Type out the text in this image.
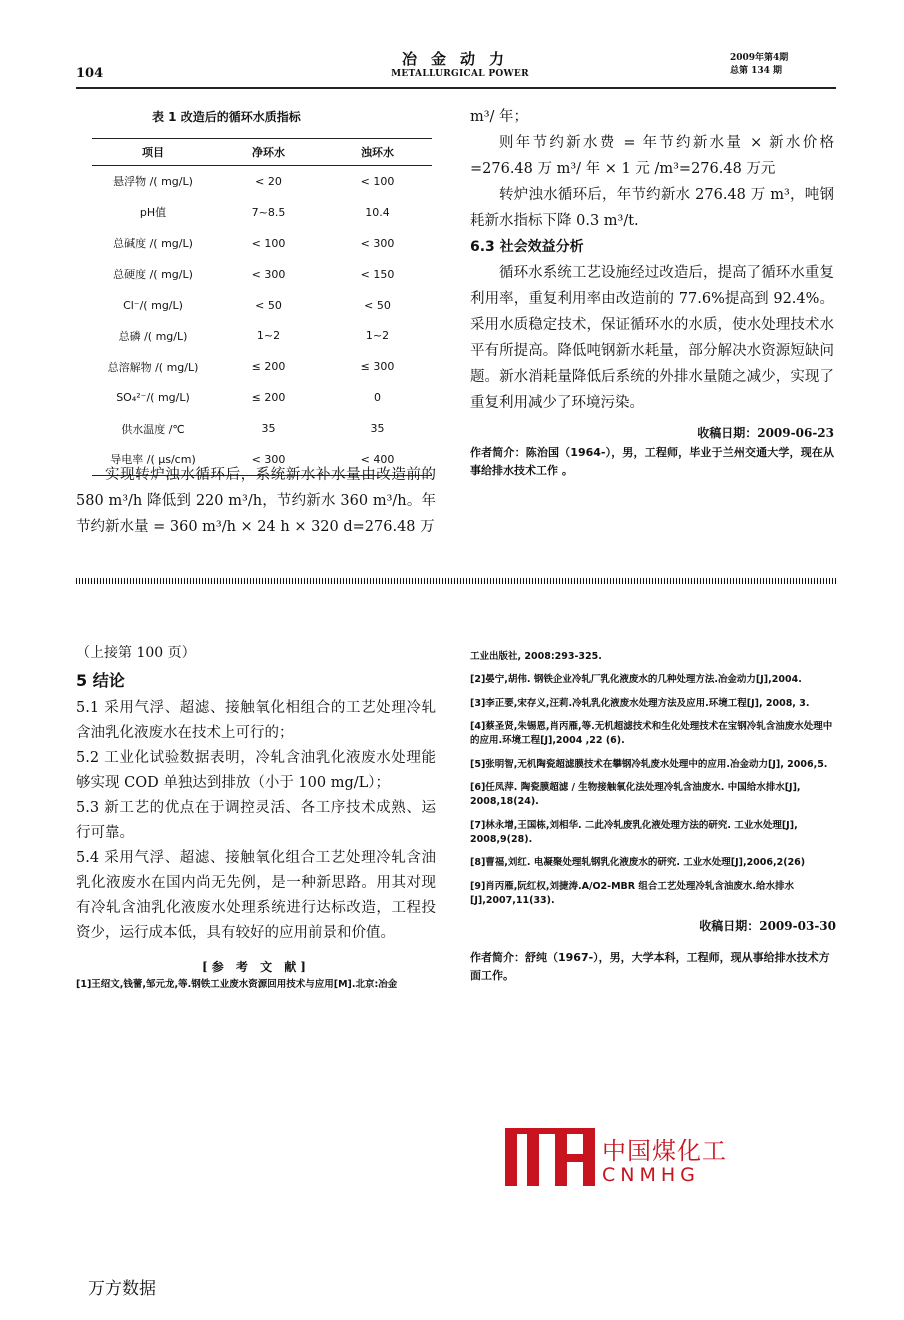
104
冶金动力
METALLURGICAL POWER
2009年第4期
总第 134 期
表 1 改造后的循环水质指标
项目	净环水	浊环水
悬浮物 /( mg/L)	< 20	< 100
pH值	7~8.5	10.4
总碱度 /( mg/L)	< 100	< 300
总硬度 /( mg/L)	< 300	< 150
Cl⁻/( mg/L)	< 50	< 50
总磷 /( mg/L)	1~2	1~2
总溶解物 /( mg/L)	≤ 200	≤ 300
SO₄²⁻/( mg/L)	≤ 200	0
供水温度 /℃	35	35
导电率 /( μs/cm)	< 300	< 400

实现转炉浊水循环后，系统新水补水量由改造前的580 m³/h 降低到 220 m³/h，节约新水 360 m³/h。年节约新水量 = 360 m³/h × 24 h × 320 d=276.48 万

m³/ 年；

则年节约新水费 = 年节约新水量 × 新水价格 =276.48 万 m³/ 年 × 1 元 /m³=276.48 万元

转炉浊水循环后，年节约新水 276.48 万 m³，吨钢耗新水指标下降 0.3 m³/t.

6.3 社会效益分析

循环水系统工艺设施经过改造后，提高了循环水重复利用率，重复利用率由改造前的 77.6%提高到 92.4%。采用水质稳定技术，保证循环水的水质，使水处理技术水平有所提高。降低吨钢新水耗量，部分解决水资源短缺问题。新水消耗量降低后系统的外排水量随之减少，实现了重复利用减少了环境污染。

收稿日期：2009-06-23

作者简介：陈治国（1964-），男，工程师，毕业于兰州交通大学，现在从事给排水技术工作 。

（上接第 100 页）

5 结论

5.1 采用气浮、超滤、接触氧化相组合的工艺处理冷轧含油乳化液废水在技术上可行的；

5.2 工业化试验数据表明，冷轧含油乳化液废水处理能够实现 COD 单独达到排放（小于 100 mg/L）；

5.3 新工艺的优点在于调控灵活、各工序技术成熟、运行可靠。

5.4 采用气浮、超滤、接触氧化组合工艺处理冷轧含油乳化液废水在国内尚无先例，是一种新思路。用其对现有冷轧含油乳化液废水处理系统进行达标改造，工程投资少，运行成本低，具有较好的应用前景和价值。

[参 考 文 献]

[1]王绍文,钱蕾,邹元龙,等.钢铁工业废水资源回用技术与应用[M].北京:冶金

工业出版社, 2008:293-325.

[2]晏宁,胡伟. 钢铁企业冷轧厂乳化液废水的几种处理方法.冶金动力[J],2004.

[3]李正要,宋存义,汪莉.冷轧乳化液废水处理方法及应用.环境工程[J], 2008, 3.

[4]蔡圣贤,朱锡恩,肖丙雁,等.无机超滤技术和生化处理技术在宝钢冷轧含油废水处理中的应用.环境工程[J],2004 ,22 (6).

[5]张明智,无机陶瓷超滤膜技术在攀钢冷轧废水处理中的应用.冶金动力[J], 2006,5.

[6]任凤萍. 陶瓷膜超滤 / 生物接触氧化法处理冷轧含油废水. 中国给水排水[J], 2008,18(24).

[7]林永增,王国栋,刘相华. 二此冷轧废乳化液处理方法的研究. 工业水处理[J], 2008,9(28).

[8]曹福,刘红. 电凝聚处理轧钢乳化液废水的研究. 工业水处理[J],2006,2(26)

[9]肖丙雁,阮红权,刘捷涛.A/O2-MBR 组合工艺处理冷轧含油废水.给水排水[J],2007,11(33).

收稿日期：2009-03-30

作者简介：舒纯（1967-），男，大学本科，工程师，现从事给排水技术方面工作。

中国煤化工
CNMHG
万方数据
